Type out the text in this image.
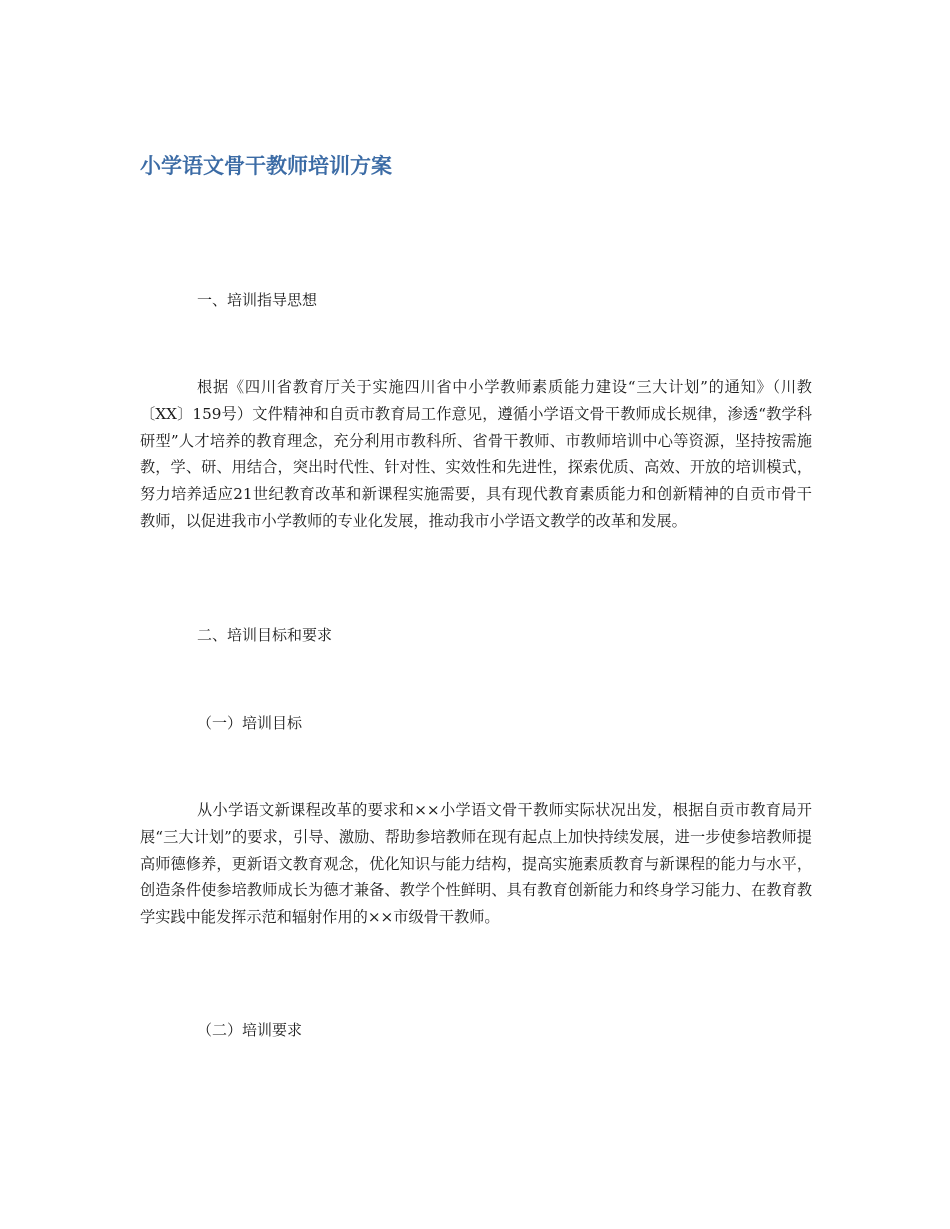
小学语文骨干教师培训方案
一、培训指导思想

根据《四川省教育厅关于实施四川省中小学教师素质能力建设“三大计划”的通知》（川教〔XX〕159号）文件精神和自贡市教育局工作意见，遵循小学语文骨干教师成长规律，渗透“教学科研型”人才培养的教育理念，充分利用市教科所、省骨干教师、市教师培训中心等资源，坚持按需施教，学、研、用结合，突出时代性、针对性、实效性和先进性，探索优质、高效、开放的培训模式，努力培养适应21世纪教育改革和新课程实施需要，具有现代教育素质能力和创新精神的自贡市骨干教师，以促进我市小学教师的专业化发展，推动我市小学语文教学的改革和发展。

二、培训目标和要求
（一）培训目标

从小学语文新课程改革的要求和××小学语文骨干教师实际状况出发，根据自贡市教育局开展“三大计划”的要求，引导、激励、帮助参培教师在现有起点上加快持续发展，进一步使参培教师提高师德修养，更新语文教育观念，优化知识与能力结构，提高实施素质教育与新课程的能力与水平，创造条件使参培教师成长为德才兼备、教学个性鲜明、具有教育创新能力和终身学习能力、在教育教学实践中能发挥示范和辐射作用的××市级骨干教师。

（二）培训要求
